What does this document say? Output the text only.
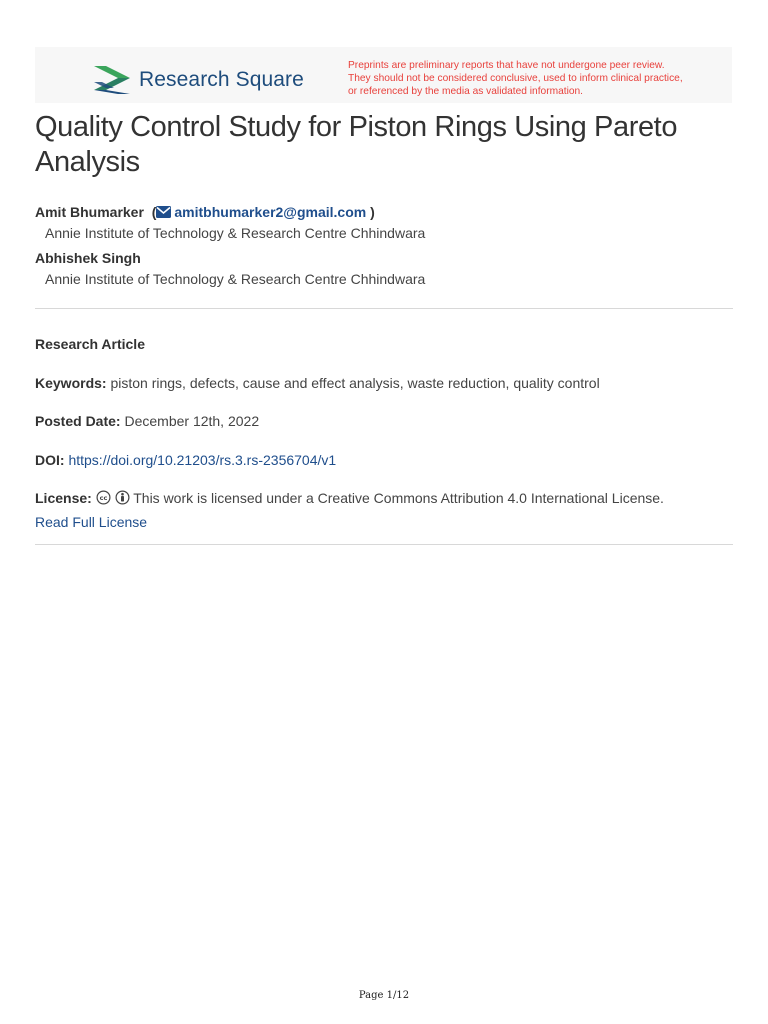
Research Square
Preprints are preliminary reports that have not undergone peer review.
They should not be considered conclusive, used to inform clinical practice,
or referenced by the media as validated information.
Quality Control Study for Piston Rings Using Pareto Analysis
Amit Bhumarker  ( amitbhumarker2@gmail.com )
Annie Institute of Technology & Research Centre Chhindwara
Abhishek Singh
Annie Institute of Technology & Research Centre Chhindwara
Research Article
Keywords: piston rings, defects, cause and effect analysis, waste reduction, quality control
Posted Date: December 12th, 2022
DOI: https://doi.org/10.21203/rs.3.rs-2356704/v1
License: cc This work is licensed under a Creative Commons Attribution 4.0 International License.
Read Full License
Page 1/12
